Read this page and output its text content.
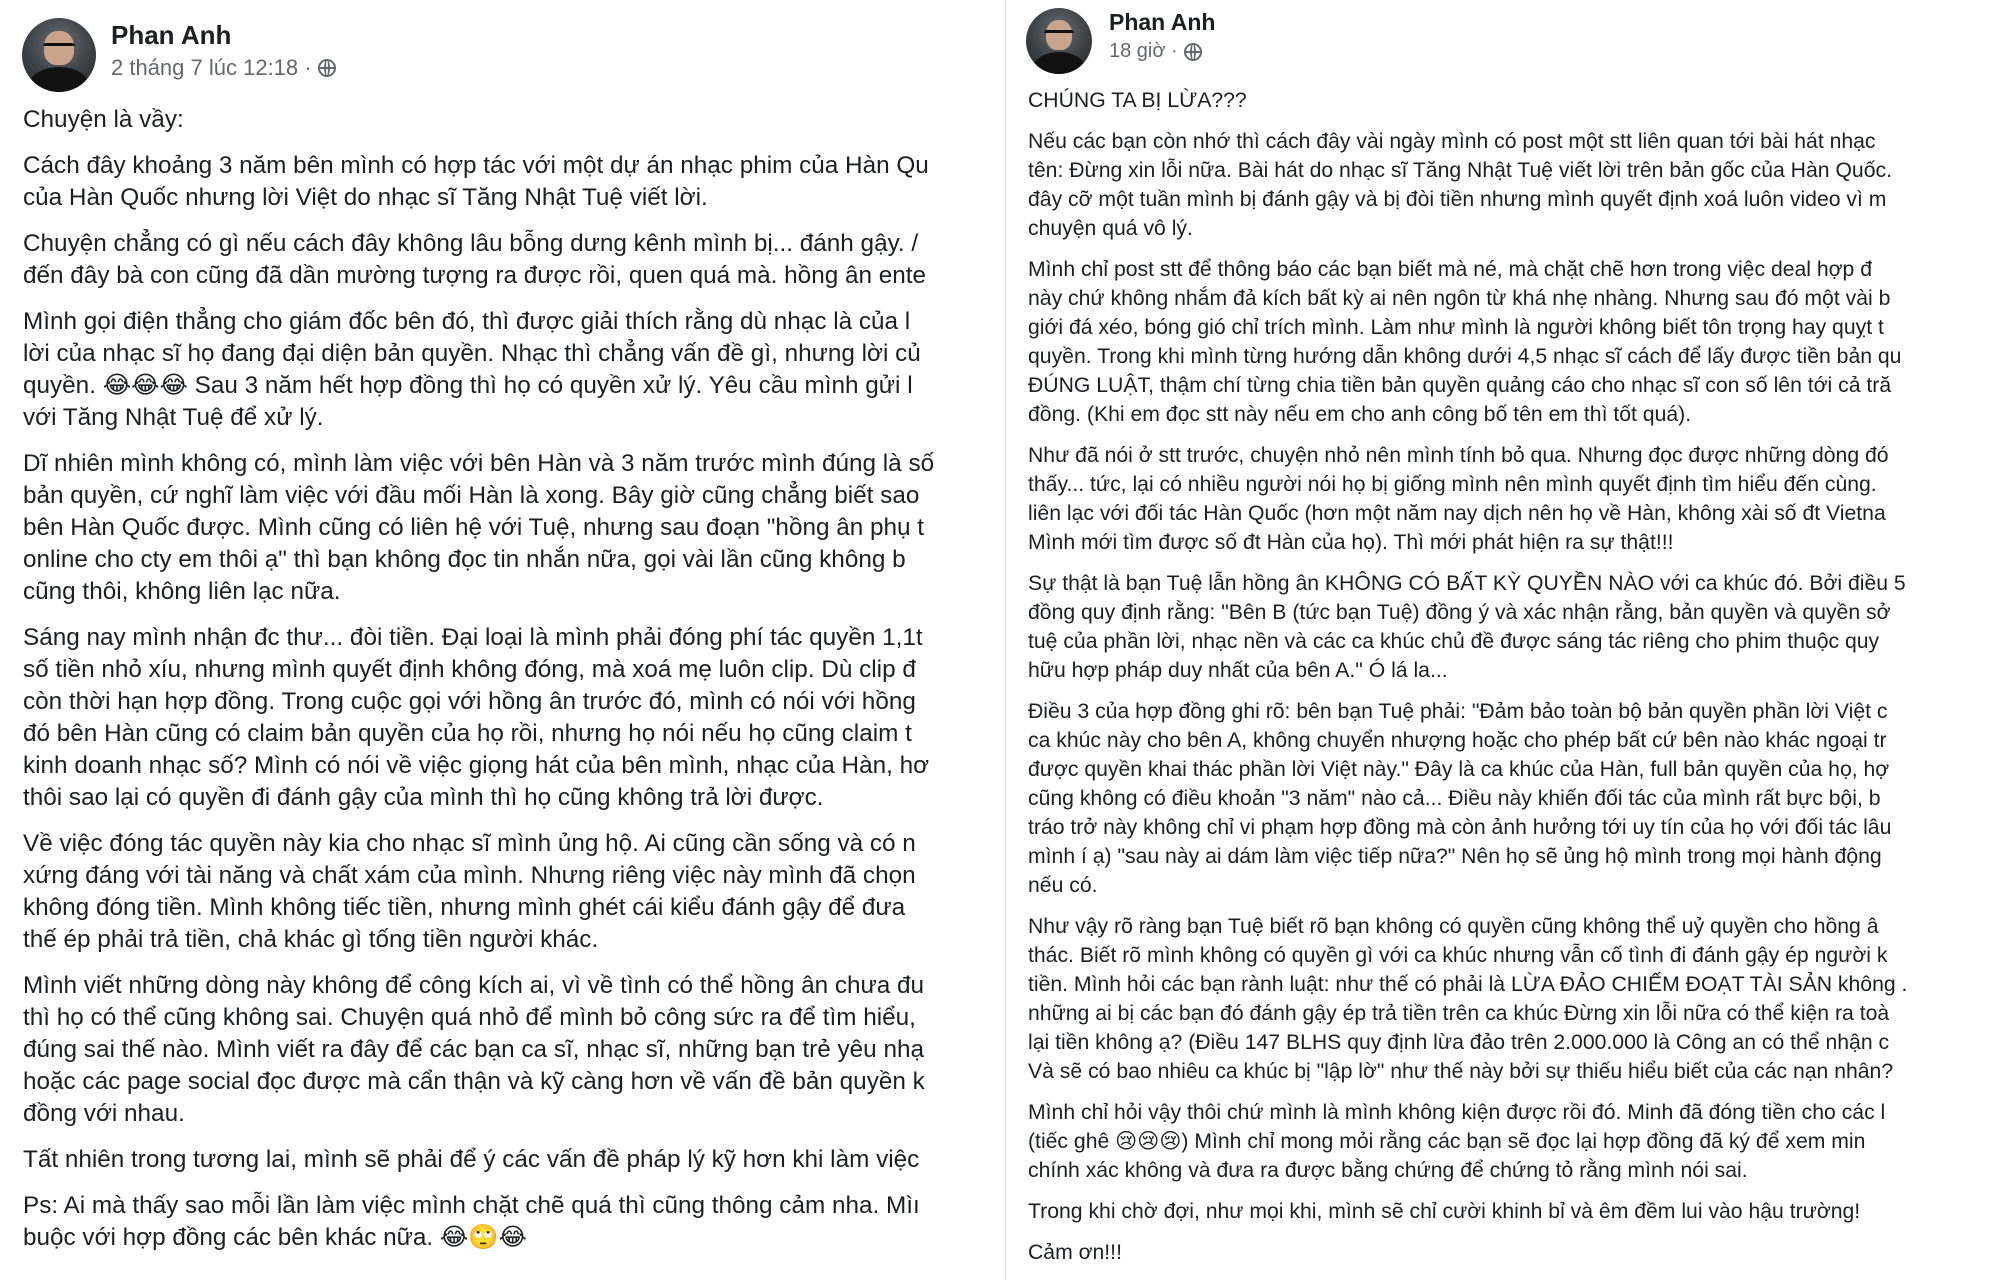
Phan Anh
2 tháng 7 lúc 12:18 ·
Chuyện là vầy:
Cách đây khoảng 3 năm bên mình có hợp tác với một dự án nhạc phim của Hàn Qu
của Hàn Quốc nhưng lời Việt do nhạc sĩ Tăng Nhật Tuệ viết lời.
Chuyện chẳng có gì nếu cách đây không lâu bỗng dưng kênh mình bị... đánh gậy. /
đến đây bà con cũng đã dần mường tượng ra được rồi, quen quá mà. hồng ân ente
Mình gọi điện thẳng cho giám đốc bên đó, thì được giải thích rằng dù nhạc là của l
lời của nhạc sĩ họ đang đại diện bản quyền. Nhạc thì chẳng vấn đề gì, nhưng lời củ
quyền. 😂😂😂 Sau 3 năm hết hợp đồng thì họ có quyền xử lý. Yêu cầu mình gửi l
với Tăng Nhật Tuệ để xử lý.
Dĩ nhiên mình không có, mình làm việc với bên Hàn và 3 năm trước mình đúng là số
bản quyền, cứ nghĩ làm việc với đầu mối Hàn là xong. Bây giờ cũng chẳng biết sao
bên Hàn Quốc được. Mình cũng có liên hệ với Tuệ, nhưng sau đoạn "hồng ân phụ t
online cho cty em thôi ạ" thì bạn không đọc tin nhắn nữa, gọi vài lần cũng không b
cũng thôi, không liên lạc nữa.
Sáng nay mình nhận đc thư... đòi tiền. Đại loại là mình phải đóng phí tác quyền 1,1t
số tiền nhỏ xíu, nhưng mình quyết định không đóng, mà xoá mẹ luôn clip. Dù clip đ
còn thời hạn hợp đồng. Trong cuộc gọi với hồng ân trước đó, mình có nói với hồng
đó bên Hàn cũng có claim bản quyền của họ rồi, nhưng họ nói nếu họ cũng claim t
kinh doanh nhạc số? Mình có nói về việc giọng hát của bên mình, nhạc của Hàn, hơ
thôi sao lại có quyền đi đánh gậy của mình thì họ cũng không trả lời được.
Về việc đóng tác quyền này kia cho nhạc sĩ mình ủng hộ. Ai cũng cần sống và có n
xứng đáng với tài năng và chất xám của mình. Nhưng riêng việc này mình đã chọn
không đóng tiền. Mình không tiếc tiền, nhưng mình ghét cái kiểu đánh gậy để đưa
thế ép phải trả tiền, chả khác gì tống tiền người khác.
Mình viết những dòng này không để công kích ai, vì về tình có thể hồng ân chưa đu
thì họ có thể cũng không sai. Chuyện quá nhỏ để mình bỏ công sức ra để tìm hiểu,
đúng sai thế nào. Mình viết ra đây để các bạn ca sĩ, nhạc sĩ, những bạn trẻ yêu nhạ
hoặc các page social đọc được mà cẩn thận và kỹ càng hơn về vấn đề bản quyền k
đồng với nhau.
Tất nhiên trong tương lai, mình sẽ phải để ý các vấn đề pháp lý kỹ hơn khi làm việc
Ps: Ai mà thấy sao mỗi lần làm việc mình chặt chẽ quá thì cũng thông cảm nha. Mìı
buộc với hợp đồng các bên khác nữa. 😂🙄😂
Phan Anh
18 giờ ·
CHÚNG TA BỊ LỪA???
Nếu các bạn còn nhớ thì cách đây vài ngày mình có post một stt liên quan tới bài hát nhạc
tên: Đừng xin lỗi nữa. Bài hát do nhạc sĩ Tăng Nhật Tuệ viết lời trên bản gốc của Hàn Quốc.
đây cỡ một tuần mình bị đánh gậy và bị đòi tiền nhưng mình quyết định xoá luôn video vì m
chuyện quá vô lý.
Mình chỉ post stt để thông báo các bạn biết mà né, mà chặt chẽ hơn trong việc deal hợp đ
này chứ không nhắm đả kích bất kỳ ai nên ngôn từ khá nhẹ nhàng. Nhưng sau đó một vài b
giới đá xéo, bóng gió chỉ trích mình. Làm như mình là người không biết tôn trọng hay quỵt t
quyền. Trong khi mình từng hướng dẫn không dưới 4,5 nhạc sĩ cách để lấy được tiền bản qu
ĐÚNG LUẬT, thậm chí từng chia tiền bản quyền quảng cáo cho nhạc sĩ con số lên tới cả tră
đồng. (Khi em đọc stt này nếu em cho anh công bố tên em thì tốt quá).
Như đã nói ở stt trước, chuyện nhỏ nên mình tính bỏ qua. Nhưng đọc được những dòng đó
thấy... tức, lại có nhiều người nói họ bị giống mình nên mình quyết định tìm hiểu đến cùng.
liên lạc với đối tác Hàn Quốc (hơn một năm nay dịch nên họ về Hàn, không xài số đt Vietna
Mình mới tìm được số đt Hàn của họ). Thì mới phát hiện ra sự thật!!!
Sự thật là bạn Tuệ lẫn hồng ân KHÔNG CÓ BẤT KỲ QUYỀN NÀO với ca khúc đó. Bởi điều 5
đồng quy định rằng: "Bên B (tức bạn Tuệ) đồng ý và xác nhận rằng, bản quyền và quyền sở
tuệ của phần lời, nhạc nền và các ca khúc chủ đề được sáng tác riêng cho phim thuộc quy
hữu hợp pháp duy nhất của bên A." Ó lá la...
Điều 3 của hợp đồng ghi rõ: bên bạn Tuệ phải: "Đảm bảo toàn bộ bản quyền phần lời Việt c
ca khúc này cho bên A, không chuyển nhượng hoặc cho phép bất cứ bên nào khác ngoại tr
được quyền khai thác phần lời Việt này." Đây là ca khúc của Hàn, full bản quyền của họ, hợ
cũng không có điều khoản "3 năm" nào cả... Điều này khiến đối tác của mình rất bực bội, b
tráo trở này không chỉ vi phạm hợp đồng mà còn ảnh hưởng tới uy tín của họ với đối tác lâu
mình í ạ) "sau này ai dám làm việc tiếp nữa?" Nên họ sẽ ủng hộ mình trong mọi hành động
nếu có.
Như vậy rõ ràng bạn Tuệ biết rõ bạn không có quyền cũng không thể uỷ quyền cho hồng â
thác. Biết rõ mình không có quyền gì với ca khúc nhưng vẫn cố tình đi đánh gậy ép người k
tiền. Mình hỏi các bạn rành luật: như thế có phải là LỪA ĐẢO CHIẾM ĐOẠT TÀI SẢN không .
những ai bị các bạn đó đánh gậy ép trả tiền trên ca khúc Đừng xin lỗi nữa có thể kiện ra toà
lại tiền không ạ? (Điều 147 BLHS quy định lừa đảo trên 2.000.000 là Công an có thể nhận c
Và sẽ có bao nhiêu ca khúc bị "lập lờ" như thế này bởi sự thiếu hiểu biết của các nạn nhân?
Mình chỉ hỏi vậy thôi chứ mình là mình không kiện được rồi đó. Minh đã đóng tiền cho các l
(tiếc ghê 😢😢😢) Mình chỉ mong mỏi rằng các bạn sẽ đọc lại hợp đồng đã ký để xem min
chính xác không và đưa ra được bằng chứng để chứng tỏ rằng mình nói sai.
Trong khi chờ đợi, như mọi khi, mình sẽ chỉ cười khinh bỉ và êm đềm lui vào hậu trường!
Cảm ơn!!!
